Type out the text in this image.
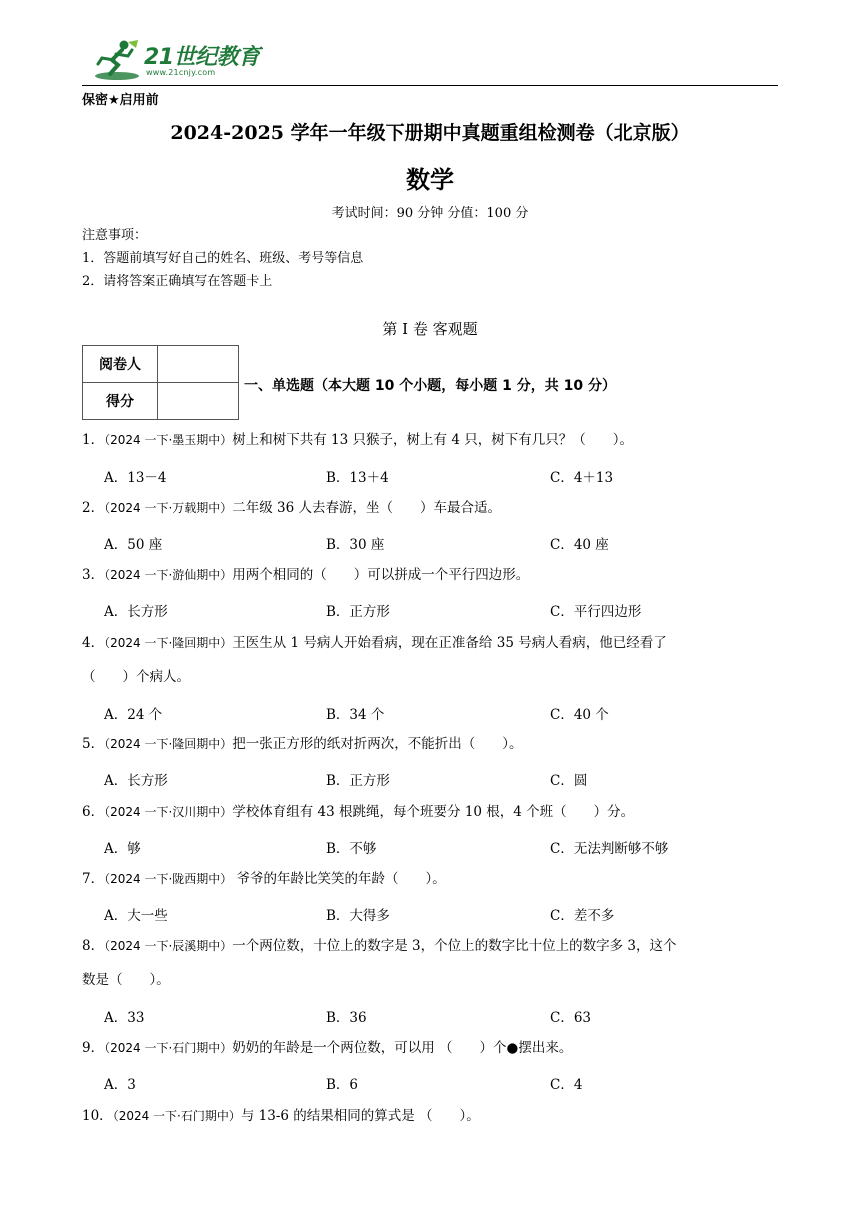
21世纪教育
www.21cnjy.com
保密★启用前
2024-2025 学年一年级下册期中真题重组检测卷（北京版）
数学
考试时间：90 分钟 分值：100 分
注意事项：
1．答题前填写好自己的姓名、班级、考号等信息
2．请将答案正确填写在答题卡上
第 I 卷 客观题
阅卷人	
得分	
一、单选题（本大题 10 个小题，每小题 1 分，共 10 分）
1．（2024 一下·墨玉期中）树上和树下共有 13 只猴子，树上有 4 只，树下有几只？（　　）。
A．13－4	B．13＋4	C．4＋13
2．（2024 一下·万载期中）二年级 36 人去春游，坐（　　）车最合适。
A．50 座	B．30 座	C．40 座
3．（2024 一下·游仙期中）用两个相同的（　　）可以拼成一个平行四边形。
A．长方形	B．正方形	C．平行四边形
4．（2024 一下·隆回期中）王医生从 1 号病人开始看病，现在正准备给 35 号病人看病，他已经看了
（　　）个病人。
A．24 个	B．34 个	C．40 个
5．（2024 一下·隆回期中）把一张正方形的纸对折两次，不能折出（　　）。
A．长方形	B．正方形	C．圆
6．（2024 一下·汉川期中）学校体育组有 43 根跳绳，每个班要分 10 根，4 个班（　　）分。
A．够	B．不够	C．无法判断够不够
7．（2024 一下·陇西期中） 爷爷的年龄比笑笑的年龄（　　）。
A．大一些	B．大得多	C．差不多
8．（2024 一下·辰溪期中）一个两位数，十位上的数字是 3，个位上的数字比十位上的数字多 3，这个
数是（　　）。
A．33	B．36	C．63
9．（2024 一下·石门期中）奶奶的年龄是一个两位数，可以用 （　　）个●摆出来。
A．3	B．6	C．4
10．（2024 一下·石门期中）与 13-6 的结果相同的算式是 （　　）。
